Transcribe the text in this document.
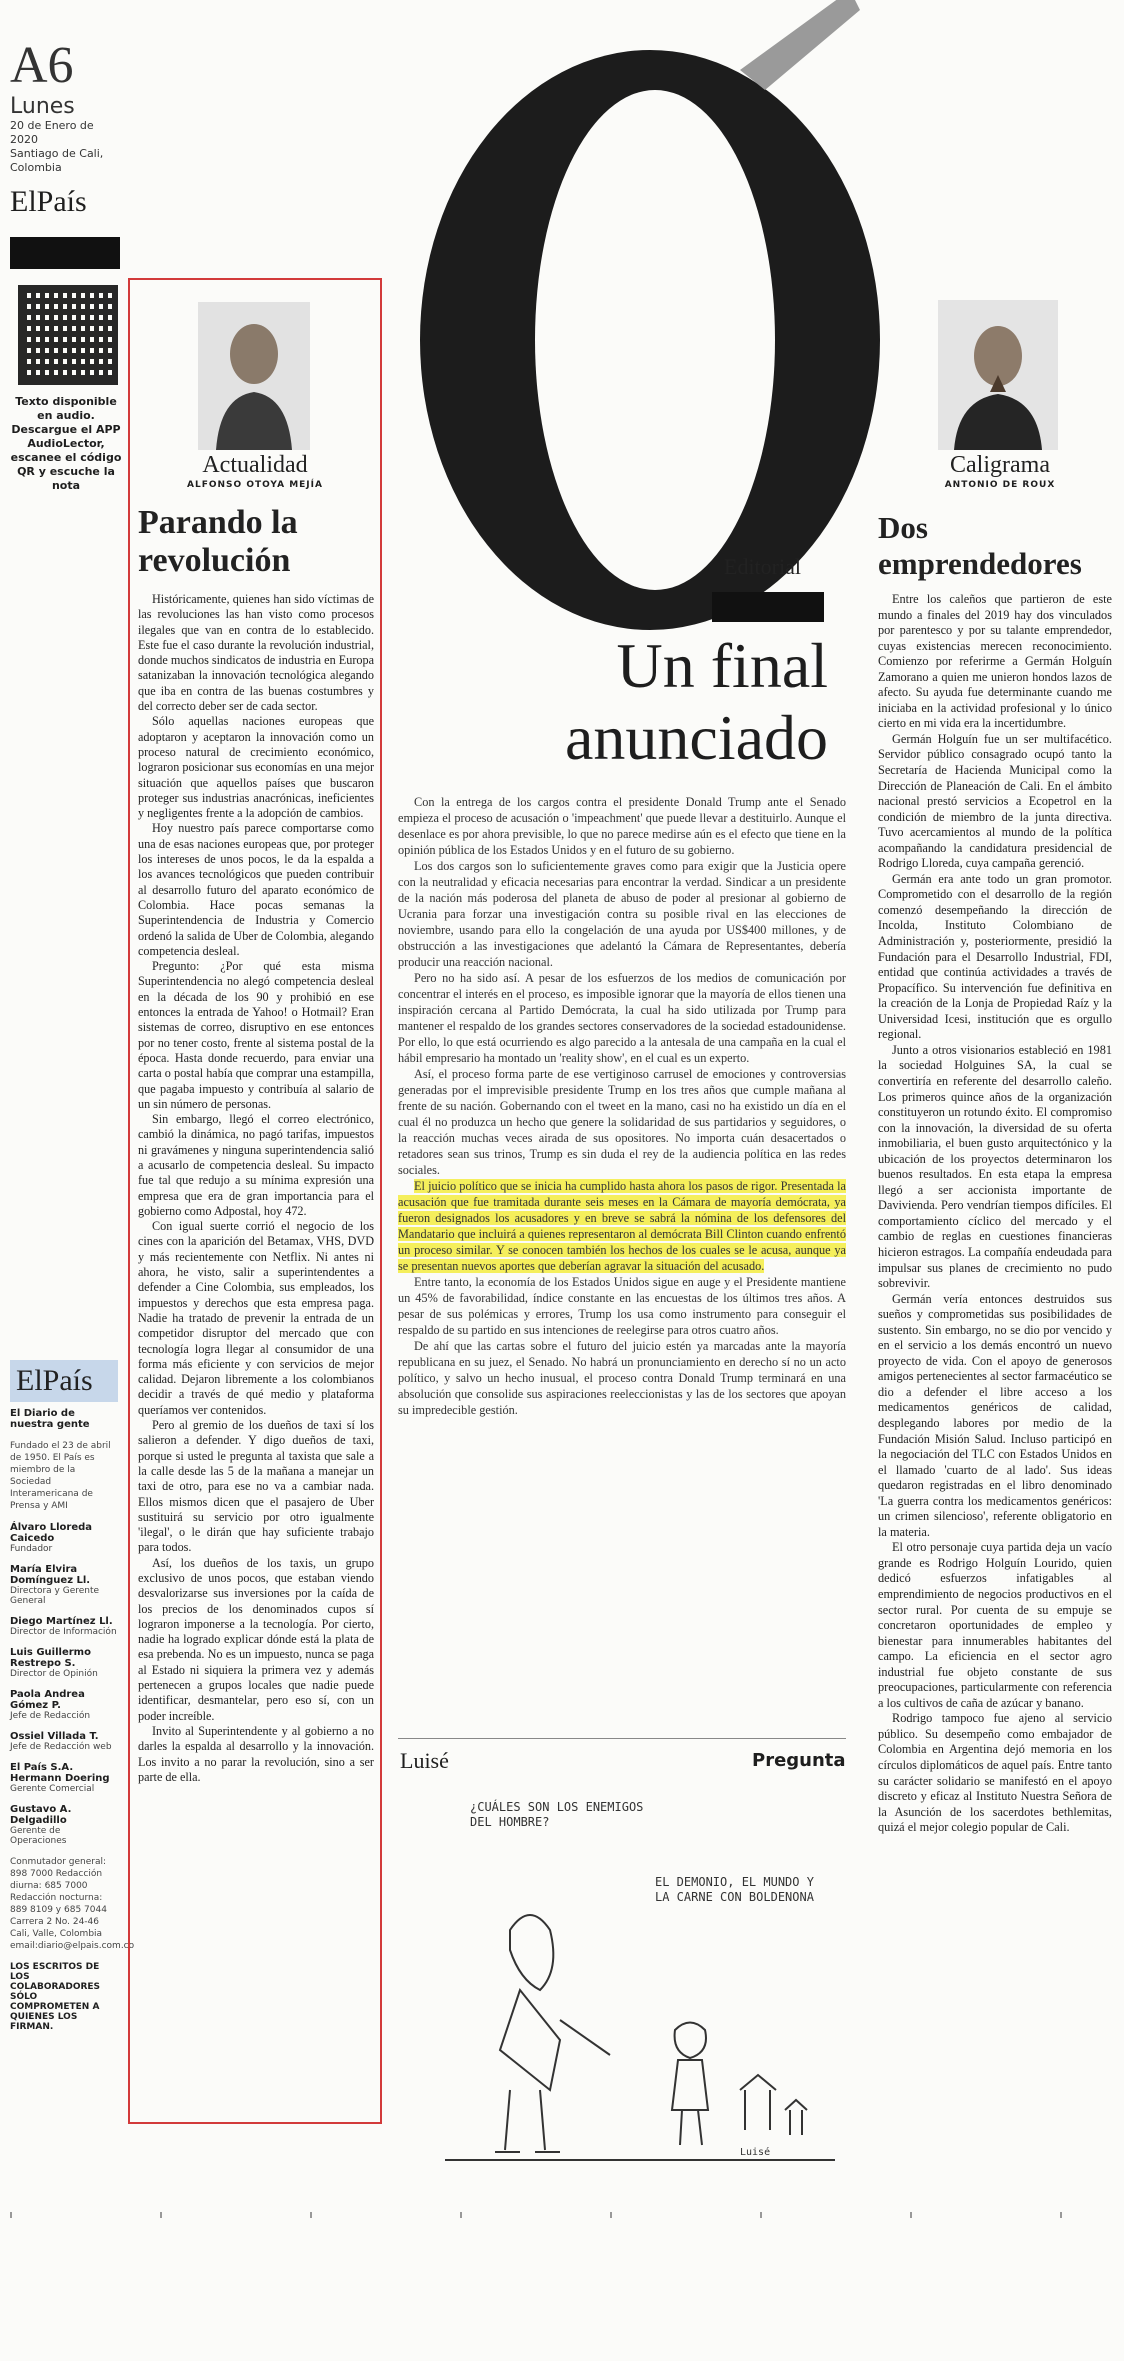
A6
Lunes
20 de Enero de 2020
Santiago de Cali, Colombia
ElPaís
Texto disponible en audio. Descargue el APP AudioLector, escanee el código QR y escuche la nota
ElPaís
El Diario de nuestra gente
Fundado el 23 de abril de 1950. El País es miembro de la Sociedad Interamericana de Prensa y AMI
Álvaro Lloreda Caicedo
Fundador
María Elvira Domínguez Ll.
Directora y Gerente General
Diego Martínez Ll.
Director de Información
Luis Guillermo Restrepo S.
Director de Opinión
Paola Andrea Gómez P.
Jefe de Redacción
Ossiel Villada T.
Jefe de Redacción web
El País S.A. Hermann Doering
Gerente Comercial
Gustavo A. Delgadillo
Gerente de Operaciones
Conmutador general: 898 7000 Redacción diurna: 685 7000 Redacción nocturna: 889 8109 y 685 7044 Carrera 2 No. 24-46 Cali, Valle, Colombia email:diario@elpais.com.co
LOS ESCRITOS DE LOS COLABORADORES SÓLO COMPROMETEN A QUIENES LOS FIRMAN.
Actualidad
ALFONSO OTOYA MEJÍA
Parando la revolución

Históricamente, quienes han sido víctimas de las revoluciones las han visto como procesos ilegales que van en contra de lo establecido. Este fue el caso durante la revolución industrial, donde muchos sindicatos de industria en Europa satanizaban la innovación tecnológica alegando que iba en contra de las buenas costumbres y del correcto deber ser de cada sector.

Sólo aquellas naciones europeas que adoptaron y aceptaron la innovación como un proceso natural de crecimiento económico, lograron posicionar sus economías en una mejor situación que aquellos países que buscaron proteger sus industrias anacrónicas, ineficientes y negligentes frente a la adopción de cambios.

Hoy nuestro país parece comportarse como una de esas naciones europeas que, por proteger los intereses de unos pocos, le da la espalda a los avances tecnológicos que pueden contribuir al desarrollo futuro del aparato económico de Colombia. Hace pocas semanas la Superintendencia de Industria y Comercio ordenó la salida de Uber de Colombia, alegando competencia desleal.

Pregunto: ¿Por qué esta misma Superintendencia no alegó competencia desleal en la década de los 90 y prohibió en ese entonces la entrada de Yahoo! o Hotmail? Eran sistemas de correo, disruptivo en ese entonces por no tener costo, frente al sistema postal de la época. Hasta donde recuerdo, para enviar una carta o postal había que comprar una estampilla, que pagaba impuesto y contribuía al salario de un sin número de personas.

Sin embargo, llegó el correo electrónico, cambió la dinámica, no pagó tarifas, impuestos ni gravámenes y ninguna superintendencia salió a acusarlo de competencia desleal. Su impacto fue tal que redujo a su mínima expresión una empresa que era de gran importancia para el gobierno como Adpostal, hoy 472.

Con igual suerte corrió el negocio de los cines con la aparición del Betamax, VHS, DVD y más recientemente con Netflix. Ni antes ni ahora, he visto, salir a superintendentes a defender a Cine Colombia, sus empleados, los impuestos y derechos que esta empresa paga. Nadie ha tratado de prevenir la entrada de un competidor disruptor del mercado que con tecnología logra llegar al consumidor de una forma más eficiente y con servicios de mejor calidad. Dejaron libremente a los colombianos decidir a través de qué medio y plataforma queríamos ver contenidos.

Pero al gremio de los dueños de taxi sí los salieron a defender. Y digo dueños de taxi, porque si usted le pregunta al taxista que sale a la calle desde las 5 de la mañana a manejar un taxi de otro, para ese no va a cambiar nada. Ellos mismos dicen que el pasajero de Uber sustituirá su servicio por otro igualmente 'ilegal', o le dirán que hay suficiente trabajo para todos.

Así, los dueños de los taxis, un grupo exclusivo de unos pocos, que estaban viendo desvalorizarse sus inversiones por la caída de los precios de los denominados cupos sí lograron imponerse a la tecnología. Por cierto, nadie ha logrado explicar dónde está la plata de esa prebenda. No es un impuesto, nunca se paga al Estado ni siquiera la primera vez y además pertenecen a grupos locales que nadie puede identificar, desmantelar, pero eso sí, con un poder increíble.

Invito al Superintendente y al gobierno a no darles la espalda al desarrollo y la innovación. Los invito a no parar la revolución, sino a ser parte de ella.

Editorial
Un final
anunciado

Con la entrega de los cargos contra el presidente Donald Trump ante el Senado empieza el proceso de acusación o 'impeachment' que puede llevar a destituirlo. Aunque el desenlace es por ahora previsible, lo que no parece medirse aún es el efecto que tiene en la opinión pública de los Estados Unidos y en el futuro de su gobierno.

Los dos cargos son lo suficientemente graves como para exigir que la Justicia opere con la neutralidad y eficacia necesarias para encontrar la verdad. Sindicar a un presidente de la nación más poderosa del planeta de abuso de poder al presionar al gobierno de Ucrania para forzar una investigación contra su posible rival en las elecciones de noviembre, usando para ello la congelación de una ayuda por US$400 millones, y de obstrucción a las investigaciones que adelantó la Cámara de Representantes, debería producir una reacción nacional.

Pero no ha sido así. A pesar de los esfuerzos de los medios de comunicación por concentrar el interés en el proceso, es imposible ignorar que la mayoría de ellos tienen una inspiración cercana al Partido Demócrata, la cual ha sido utilizada por Trump para mantener el respaldo de los grandes sectores conservadores de la sociedad estadounidense. Por ello, lo que está ocurriendo es algo parecido a la antesala de una campaña en la cual el hábil empresario ha montado un 'reality show', en el cual es un experto.

Así, el proceso forma parte de ese vertiginoso carrusel de emociones y controversias generadas por el imprevisible presidente Trump en los tres años que cumple mañana al frente de su nación. Gobernando con el tweet en la mano, casi no ha existido un día en el cual él no produzca un hecho que genere la solidaridad de sus partidarios y seguidores, o la reacción muchas veces airada de sus opositores. No importa cuán desacertados o retadores sean sus trinos, Trump es sin duda el rey de la audiencia política en las redes sociales.

El juicio político que se inicia ha cumplido hasta ahora los pasos de rigor. Presentada la acusación que fue tramitada durante seis meses en la Cámara de mayoría demócrata, ya fueron designados los acusadores y en breve se sabrá la nómina de los defensores del Mandatario que incluirá a quienes representaron al demócrata Bill Clinton cuando enfrentó un proceso similar. Y se conocen también los hechos de los cuales se le acusa, aunque ya se presentan nuevos aportes que deberían agravar la situación del acusado.

Entre tanto, la economía de los Estados Unidos sigue en auge y el Presidente mantiene un 45% de favorabilidad, índice constante en las encuestas de los últimos tres años. A pesar de sus polémicas y errores, Trump los usa como instrumento para conseguir el respaldo de su partido en sus intenciones de reelegirse para otros cuatro años.

De ahí que las cartas sobre el futuro del juicio estén ya marcadas ante la mayoría republicana en su juez, el Senado. No habrá un pronunciamiento en derecho sí no un acto político, y salvo un hecho inusual, el proceso contra Donald Trump terminará en una absolución que consolide sus aspiraciones reeleccionistas y las de los sectores que apoyan su impredecible gestión.

Luisé	Pregunta
¿CUÁLES SON LOS ENEMIGOS DEL HOMBRE?
EL DEMONIO, EL MUNDO Y LA CARNE CON BOLDENONA
Luisé
Caligrama
ANTONIO DE ROUX
Dos emprendedores

Entre los caleños que partieron de este mundo a finales del 2019 hay dos vinculados por parentesco y por su talante emprendedor, cuyas existencias merecen reconocimiento. Comienzo por referirme a Germán Holguín Zamorano a quien me unieron hondos lazos de afecto. Su ayuda fue determinante cuando me iniciaba en la actividad profesional y lo único cierto en mi vida era la incertidumbre.

Germán Holguín fue un ser multifacético. Servidor público consagrado ocupó tanto la Secretaría de Hacienda Municipal como la Dirección de Planeación de Cali. En el ámbito nacional prestó servicios a Ecopetrol en la condición de miembro de la junta directiva. Tuvo acercamientos al mundo de la política acompañando la candidatura presidencial de Rodrigo Lloreda, cuya campaña gerenció.

Germán era ante todo un gran promotor. Comprometido con el desarrollo de la región comenzó desempeñando la dirección de Incolda, Instituto Colombiano de Administración y, posteriormente, presidió la Fundación para el Desarrollo Industrial, FDI, entidad que continúa actividades a través de Propacífico. Su intervención fue definitiva en la creación de la Lonja de Propiedad Raíz y la Universidad Icesi, institución que es orgullo regional.

Junto a otros visionarios estableció en 1981 la sociedad Holguines SA, la cual se convertiría en referente del desarrollo caleño. Los primeros quince años de la organización constituyeron un rotundo éxito. El compromiso con la innovación, la diversidad de su oferta inmobiliaria, el buen gusto arquitectónico y la ubicación de los proyectos determinaron los buenos resultados. En esta etapa la empresa llegó a ser accionista importante de Davivienda. Pero vendrían tiempos difíciles. El comportamiento cíclico del mercado y el cambio de reglas en cuestiones financieras hicieron estragos. La compañía endeudada para impulsar sus planes de crecimiento no pudo sobrevivir.

Germán vería entonces destruidos sus sueños y comprometidas sus posibilidades de sustento. Sin embargo, no se dio por vencido y en el servicio a los demás encontró un nuevo proyecto de vida. Con el apoyo de generosos amigos pertenecientes al sector farmacéutico se dio a defender el libre acceso a los medicamentos genéricos de calidad, desplegando labores por medio de la Fundación Misión Salud. Incluso participó en la negociación del TLC con Estados Unidos en el llamado 'cuarto de al lado'. Sus ideas quedaron registradas en el libro denominado 'La guerra contra los medicamentos genéricos: un crimen silencioso', referente obligatorio en la materia.

El otro personaje cuya partida deja un vacío grande es Rodrigo Holguín Lourido, quien dedicó esfuerzos infatigables al emprendimiento de negocios productivos en el sector rural. Por cuenta de su empuje se concretaron oportunidades de empleo y bienestar para innumerables habitantes del campo. La eficiencia en el sector agro industrial fue objeto constante de sus preocupaciones, particularmente con referencia a los cultivos de caña de azúcar y banano.

Rodrigo tampoco fue ajeno al servicio público. Su desempeño como embajador de Colombia en Argentina dejó memoria en los círculos diplomáticos de aquel país. Entre tanto su carácter solidario se manifestó en el apoyo discreto y eficaz al Instituto Nuestra Señora de la Asunción de los sacerdotes bethlemitas, quizá el mejor colegio popular de Cali.
